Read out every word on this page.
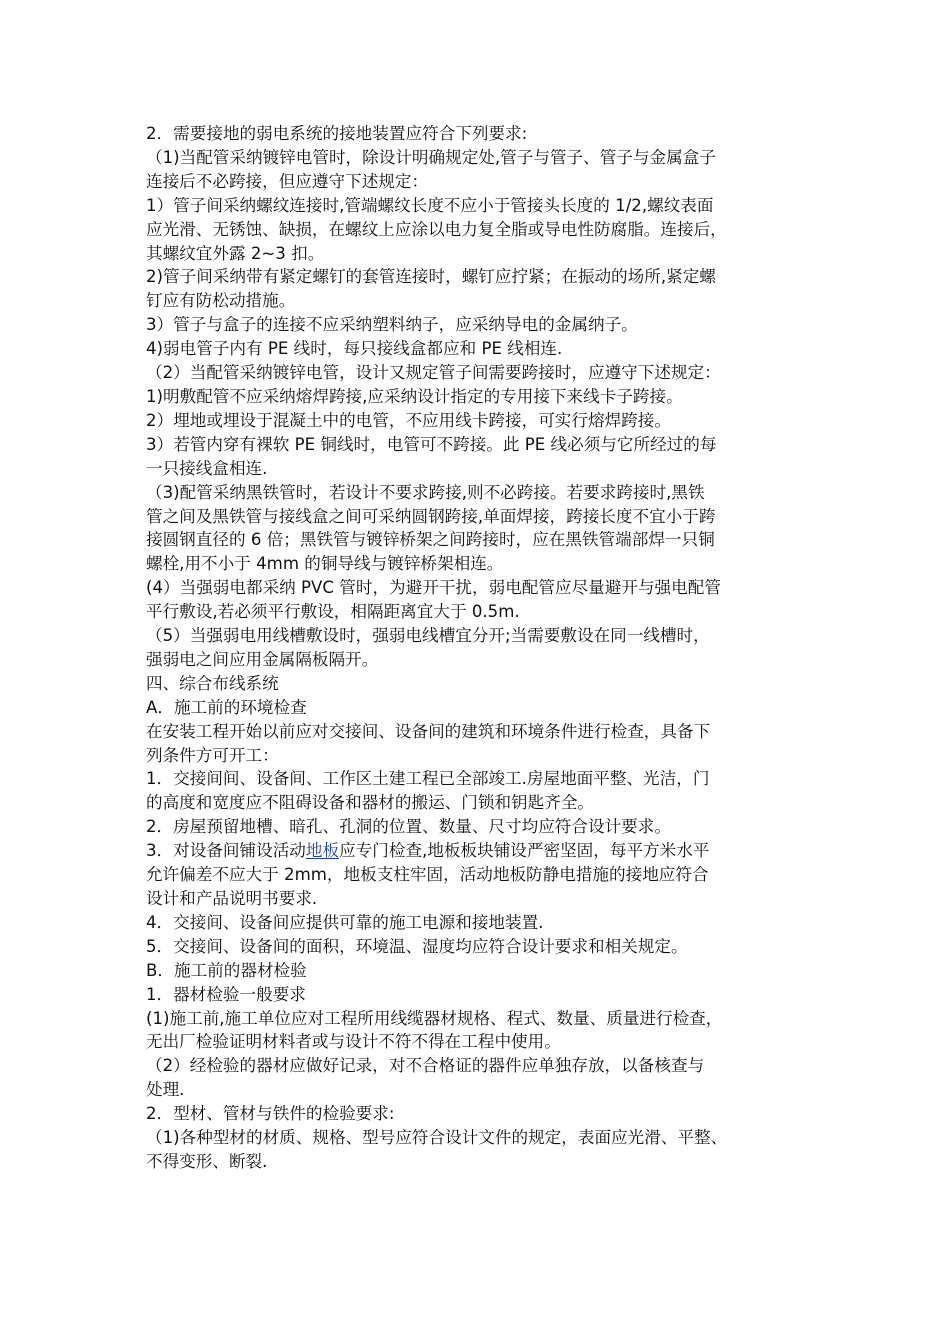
2．需要接地的弱电系统的接地装置应符合下列要求:

（1)当配管采纳镀锌电管时，除设计明确规定处,管子与管子、管子与金属盒子

连接后不必跨接，但应遵守下述规定：

1）管子间采纳螺纹连接时,管端螺纹长度不应小于管接头长度的 1/2,螺纹表面

应光滑、无锈蚀、缺损，在螺纹上应涂以电力复全脂或导电性防腐脂。连接后，

其螺纹宜外露 2~3 扣。

2)管子间采纳带有紧定螺钉的套管连接时，螺钉应拧紧；在振动的场所,紧定螺

钉应有防松动措施。

3）管子与盒子的连接不应采纳塑料纳子，应采纳导电的金属纳子。

4)弱电管子内有 PE 线时，每只接线盒都应和 PE 线相连.

（2）当配管采纳镀锌电管，设计又规定管子间需要跨接时，应遵守下述规定：

1)明敷配管不应采纳熔焊跨接,应采纳设计指定的专用接下来线卡子跨接。

2）埋地或埋设于混凝土中的电管，不应用线卡跨接，可实行熔焊跨接。

3）若管内穿有裸软 PE 铜线时，电管可不跨接。此 PE 线必须与它所经过的每

一只接线盒相连.

（3)配管采纳黑铁管时，若设计不要求跨接,则不必跨接。若要求跨接时,黑铁

管之间及黑铁管与接线盒之间可采纳圆钢跨接,单面焊接，跨接长度不宜小于跨

接圆钢直径的 6 倍；黑铁管与镀锌桥架之间跨接时，应在黑铁管端部焊一只铜

螺栓,用不小于 4mm 的铜导线与镀锌桥架相连。

(4）当强弱电都采纳 PVC 管时，为避开干扰，弱电配管应尽量避开与强电配管

平行敷设,若必须平行敷设，相隔距离宜大于 0.5m.

（5）当强弱电用线槽敷设时，强弱电线槽宜分开;当需要敷设在同一线槽时，

强弱电之间应用金属隔板隔开。

四、综合布线系统

A．施工前的环境检查

在安装工程开始以前应对交接间、设备间的建筑和环境条件进行检查，具备下

列条件方可开工：

1．交接间间、设备间、工作区土建工程已全部竣工.房屋地面平整、光洁，门

的高度和宽度应不阻碍设备和器材的搬运、门锁和钥匙齐全。

2．房屋预留地槽、暗孔、孔洞的位置、数量、尺寸均应符合设计要求。

3．对设备间铺设活动地板应专门检查,地板板块铺设严密坚固，每平方米水平

允许偏差不应大于 2mm，地板支柱牢固，活动地板防静电措施的接地应符合

设计和产品说明书要求.

4．交接间、设备间应提供可靠的施工电源和接地装置.

5．交接间、设备间的面积，环境温、湿度均应符合设计要求和相关规定。

B．施工前的器材检验

1．器材检验一般要求

(1)施工前,施工单位应对工程所用线缆器材规格、程式、数量、质量进行检查，

无出厂检验证明材料者或与设计不符不得在工程中使用。

（2）经检验的器材应做好记录，对不合格证的器件应单独存放，以备核查与

处理.

2．型材、管材与铁件的检验要求:

（1)各种型材的材质、规格、型号应符合设计文件的规定，表面应光滑、平整、

不得变形、断裂.
